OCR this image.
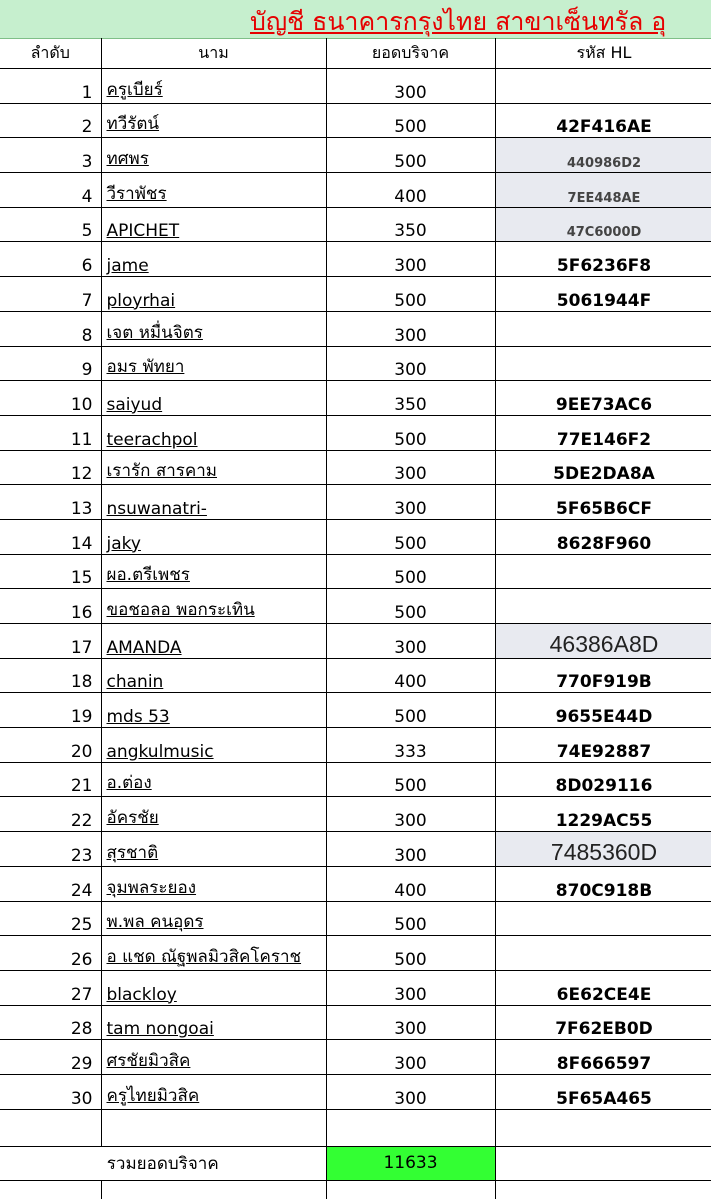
บัญชี ธนาคารกรุงไทย สาขาเซ็นทรัล อุ
ลำดับ	นาม	ยอดบริจาค	รหัส HL
1	ครูเบียร์	300	
2	ทวีรัตน์	500	42F416AE
3	ทศพร	500	440986D2
4	วีราพัชร	400	7EE448AE
5	APICHET	350	47C6000D
6	jame	300	5F6236F8
7	ployrhai	500	5061944F
8	เจต หมื่นจิตร	300	
9	อมร พัทยา	300	
10	saiyud	350	9EE73AC6
11	teerachpol	500	77E146F2
12	เรารัก สารคาม	300	5DE2DA8A
13	nsuwanatri-	300	5F65B6CF
14	jaky	500	8628F960
15	ผอ.ตรีเพชร	500	
16	ขอชอลอ พอกระเทิน	500	
17	AMANDA	300	46386A8D
18	chanin	400	770F919B
19	mds 53	500	9655E44D
20	angkulmusic	333	74E92887
21	อ.ต่อง	500	8D029116
22	อัครชัย	300	1229AC55
23	สุรชาติ	300	7485360D
24	จุมพลระยอง	400	870C918B
25	พ.พล คนอุดร	500	
26	อ แชด ณัฐพลมิวสิคโคราช	500	
27	blackloy	300	6E62CE4E
28	tam nongoai	300	7F62EB0D
29	ศรชัยมิวสิค	300	8F666597
30	ครูไทยมิวสิค	300	5F65A465

รวมยอดบริจาค		11633	
